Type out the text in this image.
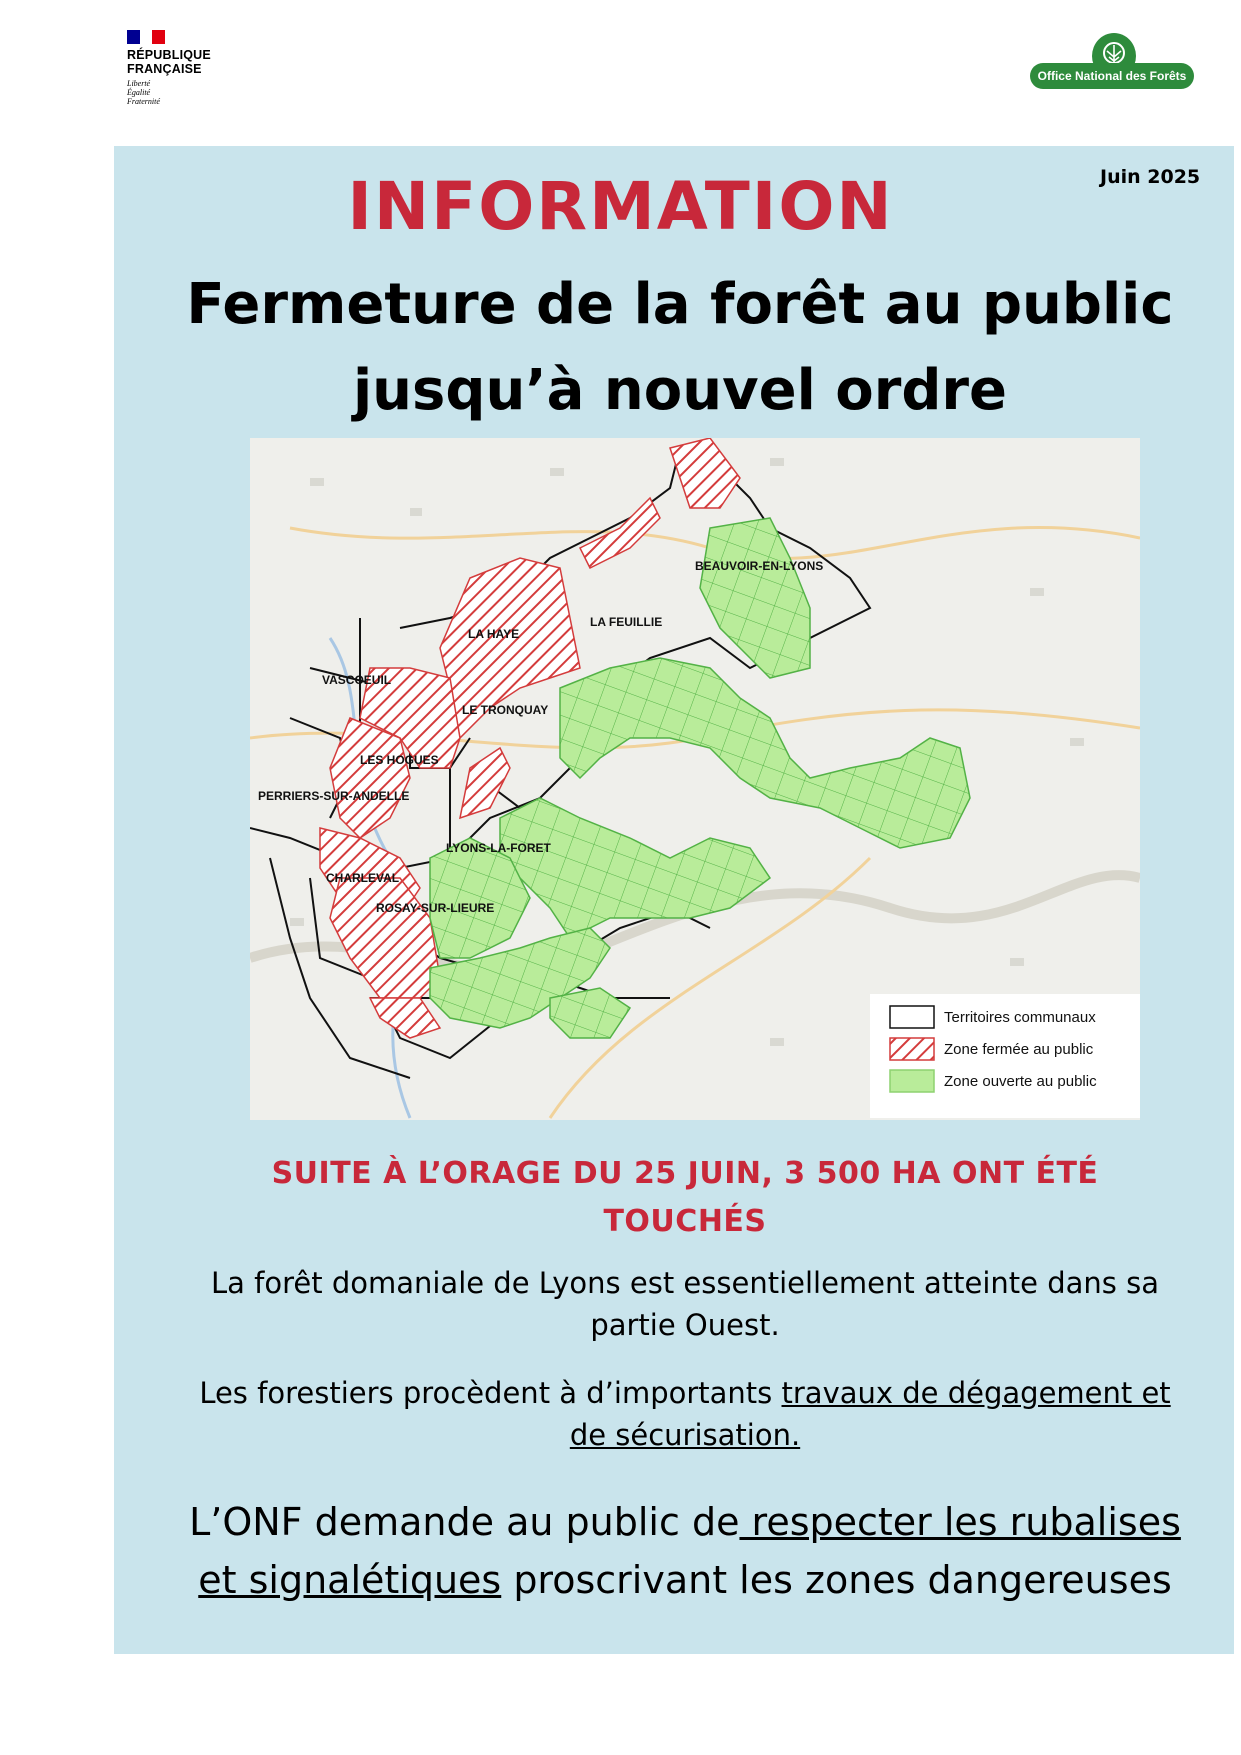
RÉPUBLIQUE
FRANÇAISE
Liberté
Égalité
Fraternité
Office National des Forêts
Juin 2025
INFORMATION
Fermeture de la forêt au public
jusqu’à nouvel ordre
BEAUVOIR-EN-LYONS
LA FEUILLIE
LA HAYE
VASCOEUIL
LE TRONQUAY
LES HOGUES
PERRIERS-SUR-ANDELLE
LYONS-LA-FORET
CHARLEVAL
ROSAY-SUR-LIEURE
Territoires communaux
Zone fermée au public
Zone ouverte au public
SUITE À L’ORAGE DU 25 JUIN, 3 500 HA ONT ÉTÉ
TOUCHÉS
La forêt domaniale de Lyons est essentiellement atteinte dans sa
partie Ouest.
Les forestiers procèdent à d’importants travaux de dégagement et
de sécurisation.
L’ONF demande au public de respecter les rubalises
et signalétiques proscrivant les zones dangereuses
